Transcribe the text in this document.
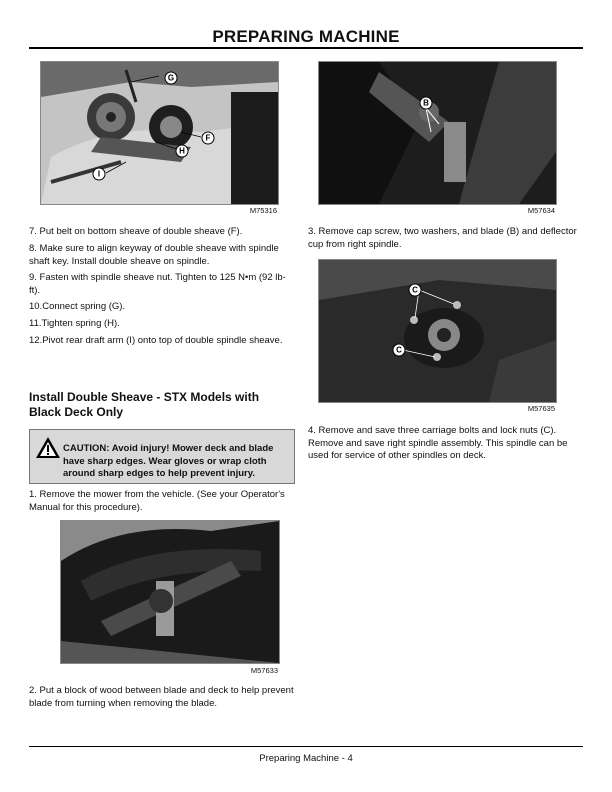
PREPARING MACHINE
G
F
H
I
M75316
B
M57634
7. Put belt on bottom sheave of double sheave (F).
8. Make sure to align keyway of double sheave with spindle shaft key. Install double sheave on spindle.
9. Fasten with spindle sheave nut. Tighten to 125 N•m (92 lb-ft).
10.Connect spring (G).
11.Tighten spring (H).
12.Pivot rear draft arm (I) onto top of double spindle sheave.
Install Double Sheave - STX Models with Black Deck Only
CAUTION: Avoid injury! Mower deck and blade have sharp edges. Wear gloves or wrap cloth around sharp edges to help prevent injury.
1. Remove the mower from the vehicle. (See your Operator's Manual for this procedure).
M57633
2. Put a block of wood between blade and deck to help prevent blade from turning when removing the blade.
3. Remove cap screw, two washers, and blade (B) and deflector cup from right spindle.
C
C
M57635
4. Remove and save three carriage bolts and lock nuts (C). Remove and save right spindle assembly. This spindle can be used for service of other spindles on deck.
Preparing Machine - 4
